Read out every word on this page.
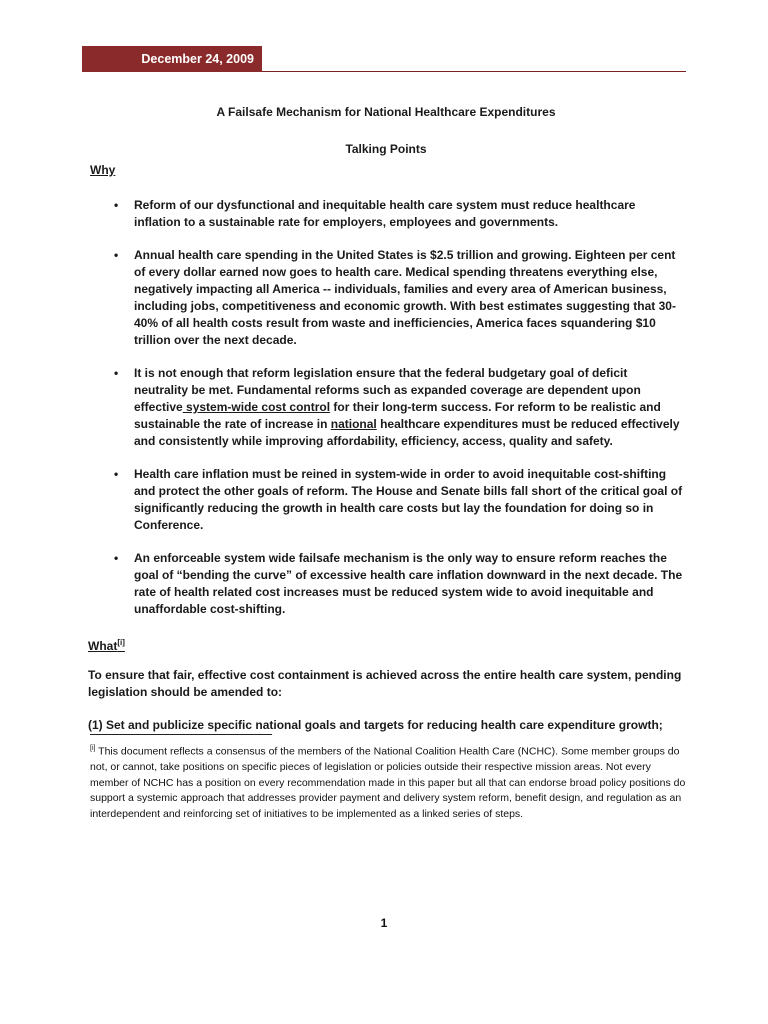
December 24, 2009

A Failsafe Mechanism for National Healthcare Expenditures

Talking Points

Why
• Reform of our dysfunctional and inequitable health care system must reduce healthcare inflation to a sustainable rate for employers, employees and governments.
• Annual health care spending in the United States is $2.5 trillion and growing. Eighteen per cent of every dollar earned now goes to health care. Medical spending threatens everything else, negatively impacting all America -- individuals, families and every area of American business, including jobs, competitiveness and economic growth. With best estimates suggesting that 30-40% of all health costs result from waste and inefficiencies, America faces squandering $10 trillion over the next decade.
• It is not enough that reform legislation ensure that the federal budgetary goal of deficit neutrality be met. Fundamental reforms such as expanded coverage are dependent upon effective system-wide cost control for their long-term success. For reform to be realistic and sustainable the rate of increase in national healthcare expenditures must be reduced effectively and consistently while improving affordability, efficiency, access, quality and safety.
• Health care inflation must be reined in system-wide in order to avoid inequitable cost-shifting and protect the other goals of reform. The House and Senate bills fall short of the critical goal of significantly reducing the growth in health care costs but lay the foundation for doing so in Conference.
• An enforceable system wide failsafe mechanism is the only way to ensure reform reaches the goal of “bending the curve” of excessive health care inflation downward in the next decade. The rate of health related cost increases must be reduced system wide to avoid inequitable and unaffordable cost-shifting.
What[i]

To ensure that fair, effective cost containment is achieved across the entire health care system, pending legislation should be amended to:

(1) Set and publicize specific national goals and targets for reducing health care expenditure growth;

[i] This document reflects a consensus of the members of the National Coalition Health Care (NCHC). Some member groups do not, or cannot, take positions on specific pieces of legislation or policies outside their respective mission areas. Not every member of NCHC has a position on every recommendation made in this paper but all that can endorse broad policy positions do support a systemic approach that addresses provider payment and delivery system reform, benefit design, and regulation as an interdependent and reinforcing set of initiatives to be implemented as a linked series of steps.
1
